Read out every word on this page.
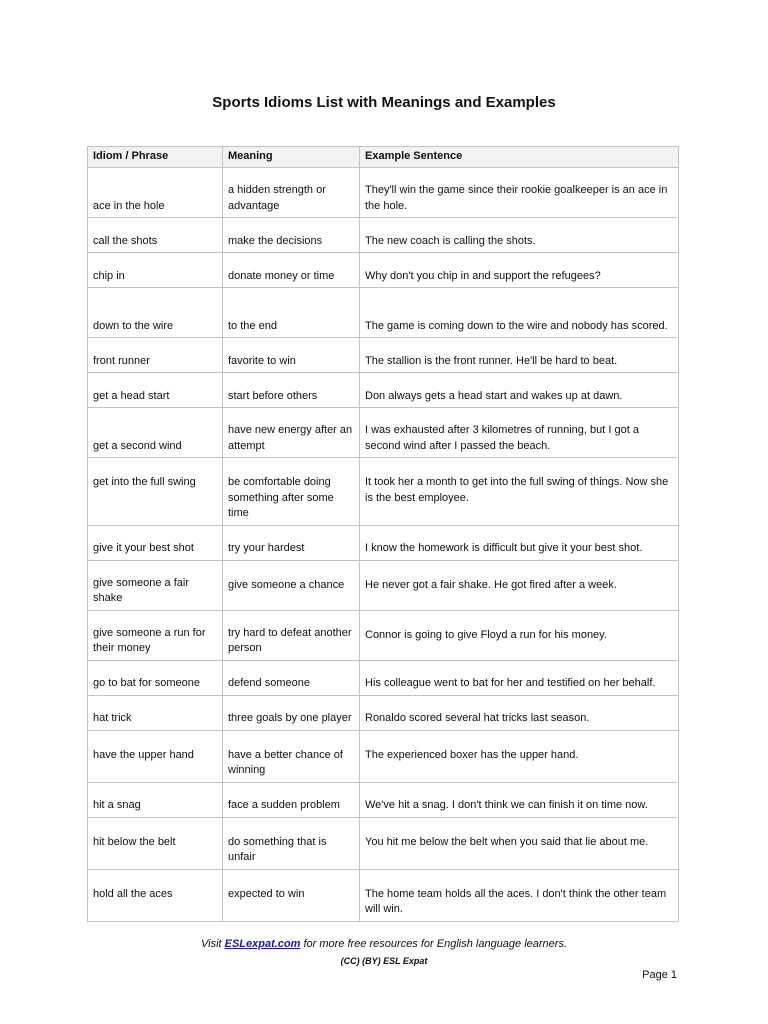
Sports Idioms List with Meanings and Examples
Idiom / Phrase	Meaning	Example Sentence
ace in the hole	a hidden strength or advantage	They'll win the game since their rookie goalkeeper is an ace in the hole.
call the shots	make the decisions	The new coach is calling the shots.
chip in	donate money or time	Why don't you chip in and support the refugees?
down to the wire	to the end	The game is coming down to the wire and nobody has scored.
front runner	favorite to win	The stallion is the front runner. He'll be hard to beat.
get a head start	start before others	Don always gets a head start and wakes up at dawn.
get a second wind	have new energy after an attempt	I was exhausted after 3 kilometres of running, but I got a second wind after I passed the beach.
get into the full swing	be comfortable doing something after some time	It took her a month to get into the full swing of things. Now she is the best employee.
give it your best shot	try your hardest	I know the homework is difficult but give it your best shot.
give someone a fair shake	give someone a chance	He never got a fair shake. He got fired after a week.
give someone a run for their money	try hard to defeat another person	Connor is going to give Floyd a run for his money.
go to bat for someone	defend someone	His colleague went to bat for her and testified on her behalf.
hat trick	three goals by one player	Ronaldo scored several hat tricks last season.
have the upper hand	have a better chance of winning	The experienced boxer has the upper hand.
hit a snag	face a sudden problem	We've hit a snag. I don't think we can finish it on time now.
hit below the belt	do something that is unfair	You hit me below the belt when you said that lie about me.
hold all the aces	expected to win	The home team holds all the aces. I don't think the other team will win.

Visit ESLexpat.com for more free resources for English language learners.

(CC) (BY) ESL Expat

Page 1
